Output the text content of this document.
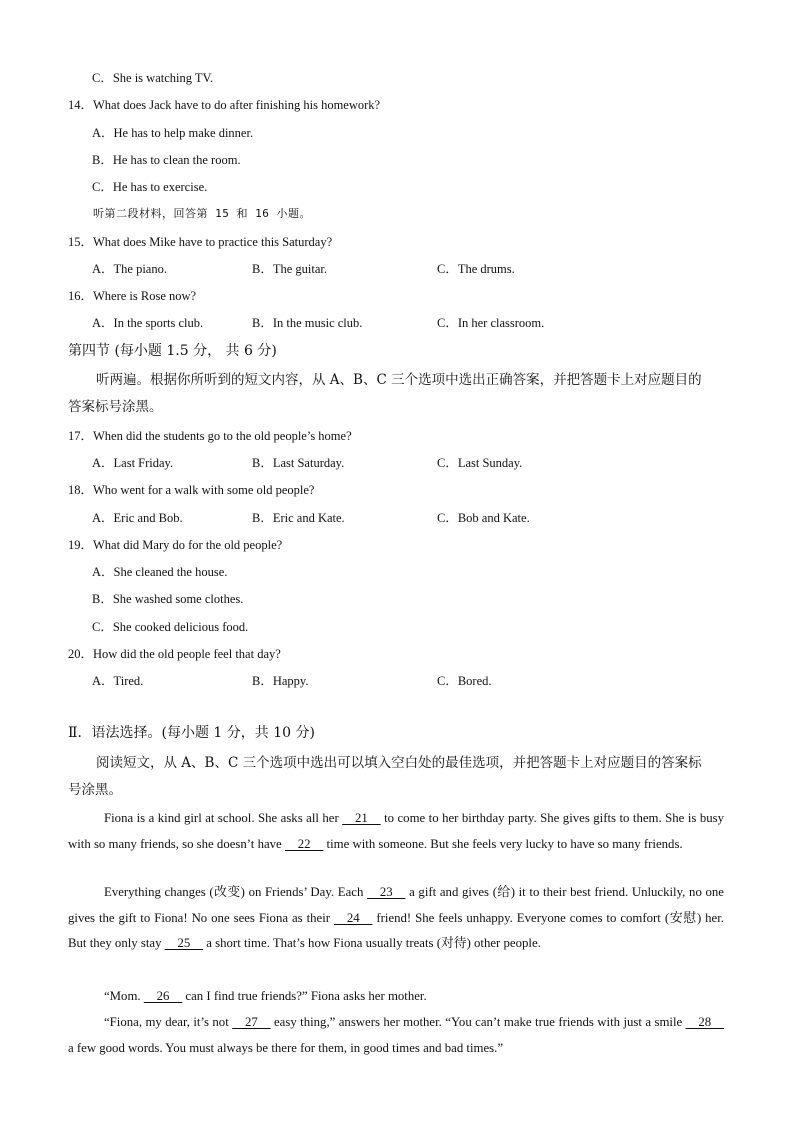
C．She is watching TV.
14．What does Jack have to do after finishing his homework?
A．He has to help make dinner.
B．He has to clean the room.
C．He has to exercise.
听第二段材料，回答第 15 和 16 小题。
15．What does Mike have to practice this Saturday?
A．The piano.	B．The guitar.	C．The drums.
16．Where is Rose now?
A．In the sports club.	B．In the music club.	C．In her classroom.
第四节 (每小题 1.5 分， 共 6 分)
听两遍。根据你所听到的短文内容，从 A、B、C 三个选项中选出正确答案，并把答题卡上对应题目的
答案标号涂黑。
17．When did the students go to the old people’s home?
A．Last Friday.	B．Last Saturday.	C．Last Sunday.
18．Who went for a walk with some old people?
A．Eric and Bob.	B．Eric and Kate.	C．Bob and Kate.
19．What did Mary do for the old people?
A．She cleaned the house.
B．She washed some clothes.
C．She cooked delicious food.
20．How did the old people feel that day?
A．Tired.	B．Happy.	C．Bored.
Ⅱ．语法选择。(每小题 1 分，共 10 分)
阅读短文，从 A、B、C 三个选项中选出可以填入空白处的最佳选项，并把答题卡上对应题目的答案标
号涂黑。

Fiona is a kind girl at school. She asks all her     21     to come to her birthday party. She gives gifts to them. She is busy with so many friends, so she doesn’t have     22     time with someone. But she feels very lucky to have so many friends.

Everything changes (改变) on Friends’ Day. Each     23     a gift and gives (给) it to their best friend. Unluckily, no one gives the gift to Fiona! No one sees Fiona as their     24     friend! She feels unhappy. Everyone comes to comfort (安慰) her. But they only stay     25     a short time. That’s how Fiona usually treats (对待) other people.

“Mom.     26     can I find true friends?” Fiona asks her mother.

“Fiona, my dear, it’s not     27     easy thing,” answers her mother. “You can’t make true friends with just a smile     28     a few good words. You must always be there for them, in good times and bad times.”
